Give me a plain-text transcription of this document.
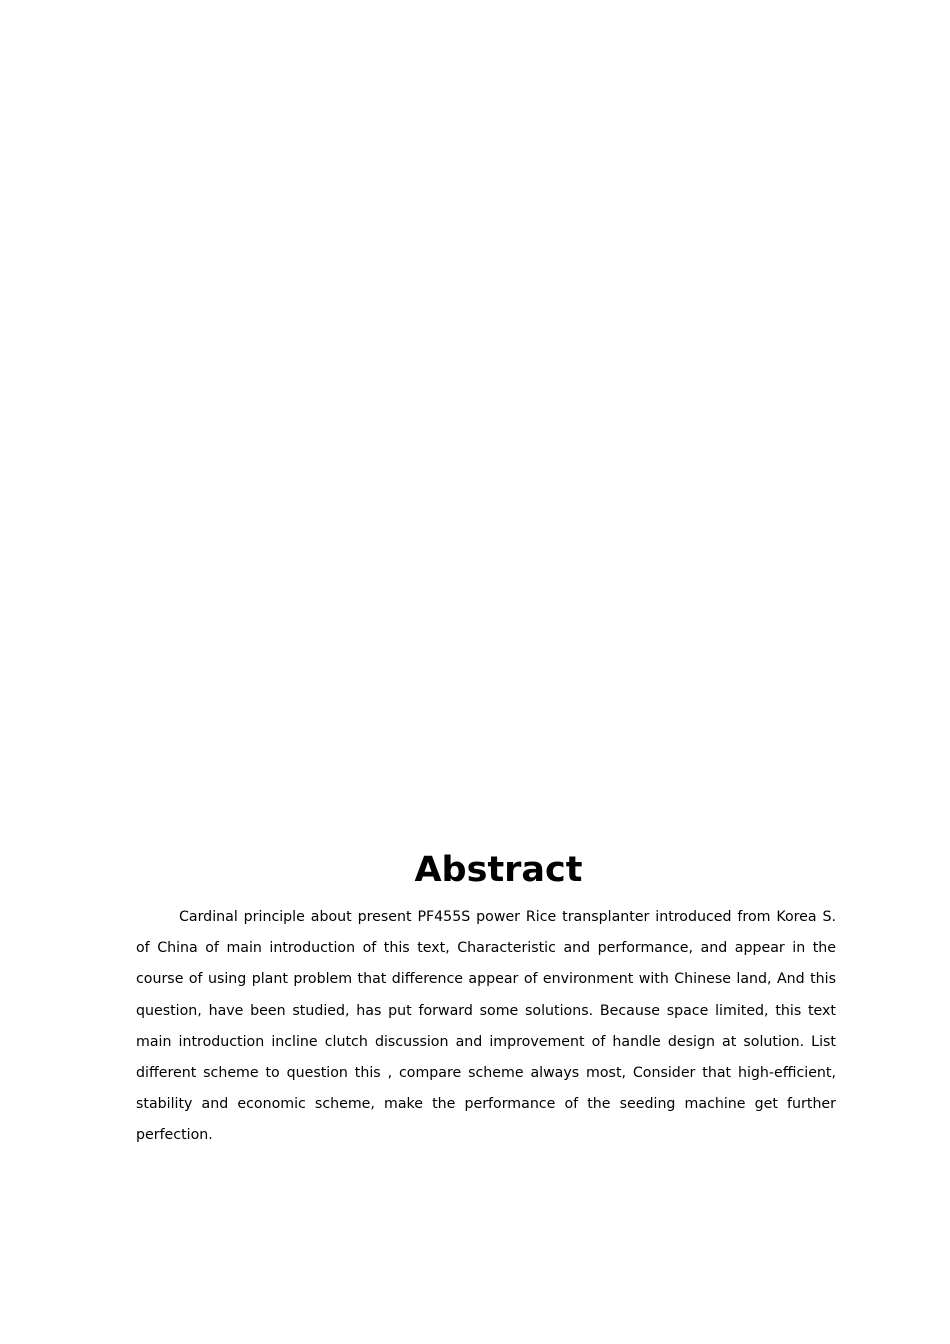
Abstract

Cardinal principle about present PF455S power Rice transplanter introduced from Korea S. of China of main introduction of this text, Characteristic and performance, and appear in the course of using plant problem that difference appear of environment with Chinese land, And this question, have been studied, has put forward some solutions. Because space limited, this text main introduction incline clutch discussion and improvement of handle design at solution. List different scheme to question this , compare scheme always most, Consider that high-efficient, stability and economic scheme, make the performance of the seeding machine get further perfection.
